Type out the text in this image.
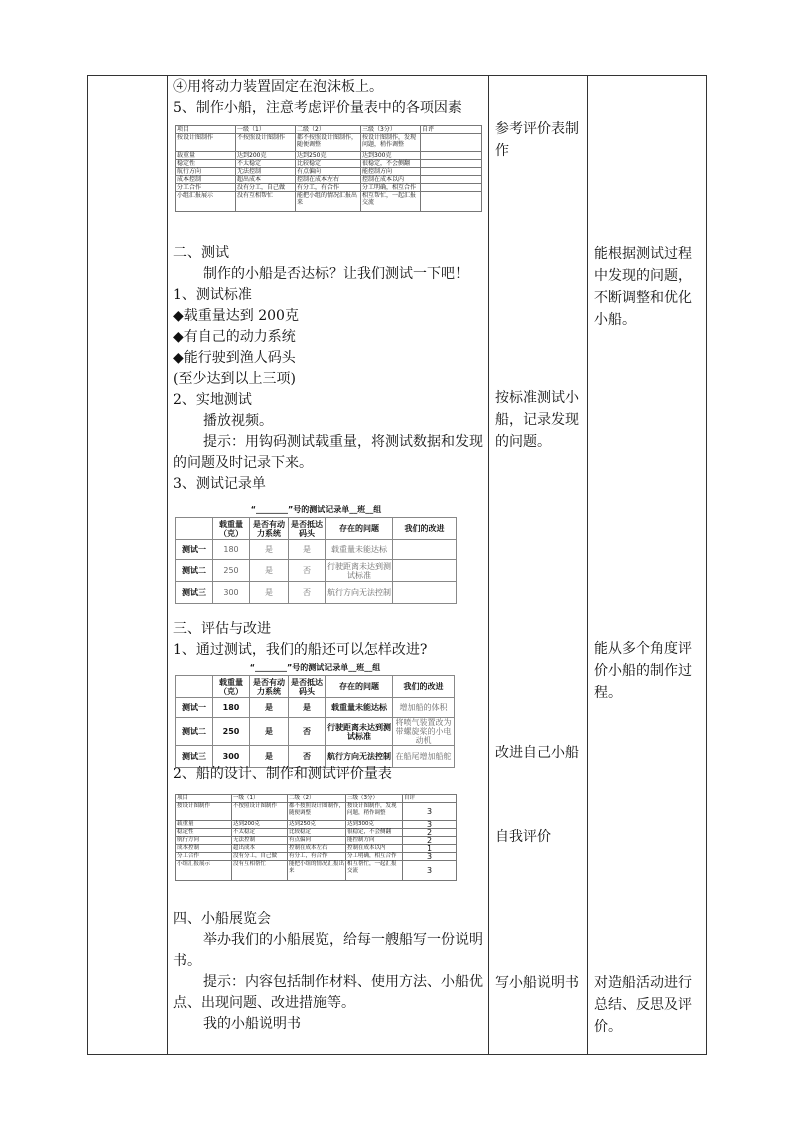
④用将动力装置固定在泡沫板上。
5、制作小船，注意考虑评价量表中的各项因素
项目	一级（1）	二级（2）	三级（3分）	自评
按设计图制作	不按照设计图制作	都不按照设计图制作，随便调整	按设计图制作，发现问题，稍作调整	
载重量	达到200克	达到250克	达到300克	
稳定性	不太稳定	比较稳定	很稳定，不会侧翻	
航行方向	无法控制	有点偏向	能控制方向	
成本控制	超出成本	控制在成本左右	控制在成本以内	
分工合作	没有分工，自己做	有分工，有合作	分工明确，相互合作	
小组汇报展示	没有互相帮忙	能把小组的情况汇报出来	相互帮忙，一起汇报交流	
二、测试
制作的小船是否达标？让我们测试一下吧！
1、测试标准
◆载重量达到 200克
◆有自己的动力系统
◆能行驶到渔人码头
(至少达到以上三项)
2、实地测试
播放视频。
提示：用钩码测试载重量，将测试数据和发现的问题及时记录下来。
3、测试记录单
“________”号的测试记录单__班__组					
	载重量（克）	是否有动力系统	是否抵达码头	存在的问题	我们的改进
测试一	180	是	是	载重量未能达标	
测试二	250	是	否	行驶距离未达到测试标准	
测试三	300	是	否	航行方向无法控制	
三、评估与改进
1、通过测试，我们的船还可以怎样改进?
“________”号的测试记录单__班__组					
	载重量（克）	是否有动力系统	是否抵达码头	存在的问题	我们的改进
测试一	180	是	是	载重量未能达标	增加船的体积
测试二	250	是	否	行驶距离未达到测试标准	将喷气装置改为带螺旋桨的小电动机
测试三	300	是	否	航行方向无法控制	在船尾增加船舵
2、船的设计、制作和测试评价量表
项目	一级（1）	二级（2）	三级（3分）	自评
按设计图制作	不按照设计图制作	都不按照设计图制作，随便调整	按设计图制作，发现问题，稍作调整	3
载重量	达到200克	达到250克	达到300克	3
稳定性	不太稳定	比较稳定	很稳定，不会侧翻	2
航行方向	无法控制	有点偏向	能控制方向	2
成本控制	超出成本	控制在成本左右	控制在成本以内	1
分工合作	没有分工，自己做	有分工，有合作	分工明确，相互合作	3
小组汇报展示	没有互相帮忙	能把小组的情况汇报出来	相互帮忙，一起汇报交流	3
四、小船展览会
举办我们的小船展览，给每一艘船写一份说明书。
提示：内容包括制作材料、使用方法、小船优点、出现问题、改进措施等。
我的小船说明书
参考评价表制作
按标准测试小船，记录发现的问题。
改进自己小船
自我评价
写小船说明书
能根据测试过程中发现的问题，不断调整和优化小船。
能从多个角度评价小船的制作过程。
对造船活动进行总结、反思及评价。
